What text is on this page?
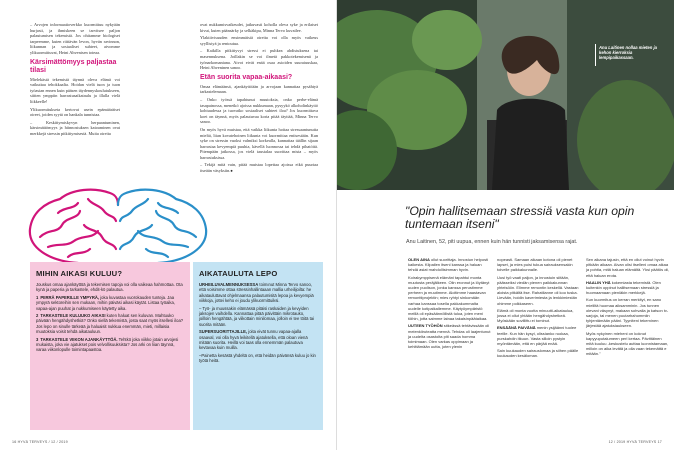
– Arvojen informaatioverkko kuormittuu nykyään hurjasti, ja ihmiskeen se tarvitsee paljon palautumisen tekemistä. Jos ohitamme biologiset tarpeemme, kuten riittävän levon, hyvän ravinnon, liikunnan ja sosiaaliset suhteet, aivomme ylikuormittuvat, Heini Ahvenisen toteaa.

Kärsimättömyys paljastaa tilasi

Mielekästä tekemistä täynnä oleva elämä voi vaikuttaa tehokkaalta. Hoidan vielä tuon ja tuon työasian ennen kuin pääsen täydennyskoulutukseen, siitten ymppiin harrastusaikataulu ja illalla vielä liikkeelle!

Ylikuormitukseta kertovat usein epämääräiset oireet, joiden syytä on hankala tunnistaa.

– Keskittymiskyvyn herpaantuminen, kärsimättömyys ja hiinnostuksen katoaminen ovat merkkejä stressin pitkittymisestä. Muita oireita

ovat nukkumisvaikeudet, jatkuvasti kohollа oleva syke ja erilaiset kivut, kuten päänsärky ja selkäkipu, Minna Tervo kuvailee.

Ylaktiivisuuden ensimmäisiä oireita voi olla myös vaikeus syyllistyä ja rentoutua.

– Kaikilla pitkittyvyt stressi ei puhkea ahdistuksena tai masennuksena. Joillakin se voi ilmetä pakkotekemisenä ja työnarkomaniana. Aivot eivät enää osaa asioiden suuraiuuskaa, Heini Ahveninen sanoo.

Etän suorita vapaa-aikaasi?

Omaa elämäänsä, ajankäyttöään ja arvojaan kannattaa pysähtyä tarkastelemaan.

– Onko työssä tapahtunut muutoksia, onko perhe-elämä tasapainossa, menetkö ajoissa nukkumaan, pysyykö alkoholinkäyttö kohtuudessa ja tuovatko sosiaaliset suhteet iloa? Jos kuormittava koet on täynnä, myös palautuvaa koria pitää täyttää, Minna Tervo sanoo.

On myös hyvä muistaa, että vaikka liikunta hoitaa stressaantunutta mieltä, liian kovatehoinen liikunta voi kuormittaa entisestään. Kun syke on stressin vuoksi valmiksi korkealla, kannattaa täällin sijaan harrastaa kevyempiä puuhia, kävellä luonnossa tai tehdä pihatöitä. Pitempään jatkossa, jos vielä taustalaa suorittaa mista – myös harrastuksissa.

– Tekijä mitä vain, pitää muistaa lopettaa ajoissa eikä puurtaa itseään väsyksiin.●

MIHIN AIKASI KULUU?

Jouskus omaa ajankäyttöä ja tekemisen tapoja voi olla vaikeaa hahmottaa. Ota kynä ja paperia ja tarkastele, ehdit-kö palautua.

1 PIIRRÄ PAPERILLE YMPYRÄ, joka kuvastaa vuorokauden tunteja. Jaa ympyrä sektoreihin sen mukaan, mihin päiväsi aikasi käytät. Listaa työaika, vapaa-ajan puuhat ja nukkumiseen käytetty aika.

2 TARKASTELE KULUUKO AIKASI kuten haluat sen kuluvan. Mahtuuko päivään hengähdyshetkiä? Onko siellä tekemistä, josta saat myös itsellesi iloa? Jos lepo on sinulle tärkeää ja haluaisit nukkua enemmän, mieti, millaisia muutoksia voisit tehdä aikatauluun.

3 TARKASTELE VIIKON AJANKÄYTTÖÄ. Tehtkö joka viikko jotain arvojesi mukaista, joka vie ajatukset pois velvollisuuksista? Jos arki on liian täynnä, varaa viikonlopulle toimintapaastoa.

AIKATAULUTA LEPO

URHEILUVALMENNUKSESSA toimınut Minna Tervo sanoo, että voisimme ottaa stressinhallintaaan mallia urheilijoilta: he aikatauluttavat ohjelmaansa palautumisitä lepoa ja kevyempiä viikkoja, jottei keho ei joudu ylikuormittuiksi.

– Työ- ja muussakin elämässä pitäisi raskaiden ja kevyiden jaksojen vaihdella. Kannattaa pitää päivittäin mikrotauko, joilloin hengähtää, ja viikottain minilomaa, jolloin ei tee töitä tai suorita mitään.

SUPERSUORITTAJILLE, joita eivät tunnu vapaa-ajalla osaaval, voi olla hyvä leikitellä ajatuksella, että oloan vienä mitään suorita. Heillä voi taas olla ennemmän palautuva kevtavaa kuin muilla.

–Painetta kesästä yhdeltä on, että heidän päivänsä kuluu jo kin työtä heitä.

16 HYVÄ TERVEYS / 12 / 2019
Anu Laitinen nollaa mieten ja kehon kierroksia lempipaikassaan.
"Opin hallitsemaan stressiä vasta kun opin tuntemaan itseni"
Anu Laitinen, 52, piti uupua, ennen kuin hän tunnisti jaksamisensa rajat.

OLEN AINA ollut suorittaja. Innostun helposti kaikesta. Kilpailen itseni kanssa ja haluan tehdä asiat mahdollisimman hyvin.

Koirakymppisenä elämäni tapahtui monta muutosta peräjälkeen. Olin eronnut ja löytänyt uuden puolison, jonka kanssa perustimme perheen ja muutimme. Aloitimme haastavan remonttiprojektin; mies ryhtyi sinkomään varhaa kanssaa tosella pakkakummalta uudelle kotipaikallemme. Käytyöympäristö meillä oli epäsäännöllistä tuloa, joten meni töihin, jotta saimme lainaa takaisinpäätaikaa.

UUTEEN TYÖHÖN sitkeässä tehtävissään oli meienkiiruteatta mennä. Tehdas oli laajentunut ja uudelta osastolta piti saada homma toimimaan. Olen varkas oppimaan ja kehittämään uutta, joten ylenin

nopeasti. Samaan aikaan kotona oli pienet lapset, ja mies puisi tukua sairauksensakin toivelle paikkakunnalle.

Uusi työ vaati paljon, ja innostuin siitään, päässeiksi viedän pienen paikkakunnan yhteisöön. Elimme remontin keskellä. Vastaan aloista pitkältä itse. Rahatilanne oli koo tuska. Lievään, hoidin kaverimiesta ja lenkkimiestän ohimme polkkaseen.

Elämä oli monta vuotta minuutti-aikataulua, jossa ei ollut yhtään hengähdyshetkeä. Myöskään sovillittu ei tominut.

ENSÄÄNÄ PAIVÄNÄ menin ysijäänni tuolee teeille. Kun hän kysyi, olissianko ruokaa, purskahdin itkuun. Vasta silloin pystyin myöntämään, että en pärjää enää.

Sain kuukauden sairauslomaa ja siihen päälle kuukauden kesäloman.

Sen aikana tajusin, että en ollut voinut hyvin pitkään aikaan. Aivan olisi itselleni omaa aikaa ja pohtia, mitä haluan elämältä. Yksi päätös oli, että haluan erota.

HAALIN YHÄ kokemiasta tekemistä. Olen kuitenkin oppinut hallitsemaan stressiä ja huomaamaan pieniäkin merkkejä.

Kun kuormitus on kerran merkityt, en sano mieliltä huomaa aiksamminin. Jos tunnen olevani väsynyt, makaan sohvalla ja katson tv-sarjoja, tai menen puutarhahommiin tyhjentämään pääni. Tyyniteni tekeminen järjestää ajatuksiaukseen.

Myös nykyinen mieheni on koknut kapyyuputalumeen perl kertaa. Pävittäinen mitä kuuluu -keskustelu auttaa luonnistamaan, milloin on aika levätä ja olla vaan tekemättä e mitään."

12 / 2019 HYVÄ TERVEYS 17
